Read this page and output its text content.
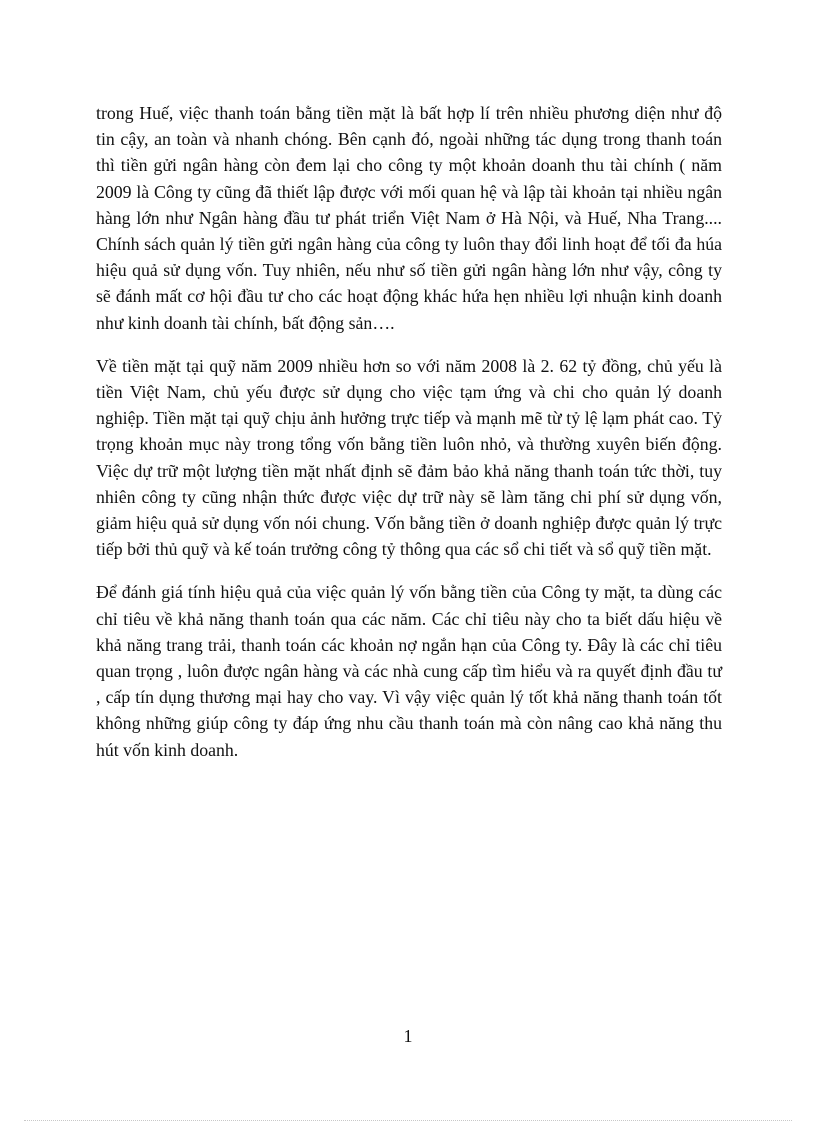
trong Huế, việc thanh toán bằng tiền mặt là bất hợp lí trên nhiều phương diện như độ tin cậy, an toàn và nhanh chóng. Bên cạnh đó, ngoài những tác dụng trong thanh toán thì tiền gửi ngân hàng còn đem lại cho công ty một khoản doanh thu tài chính ( năm 2009 là Công ty cũng đã thiết lập được với mối quan hệ và lập tài khoản tại nhiều ngân hàng lớn như Ngân hàng đầu tư phát triển Việt Nam ở Hà Nội, và Huế, Nha Trang.... Chính sách quản lý tiền gửi ngân hàng của công ty luôn thay đổi linh hoạt để tối đa húa hiệu quả sử dụng vốn. Tuy nhiên, nếu như số tiền gửi ngân hàng lớn như vậy, công ty sẽ đánh mất cơ hội đầu tư cho các hoạt động khác hứa hẹn nhiều lợi nhuận kinh doanh như kinh doanh tài chính, bất động sản….

Về tiền mặt tại quỹ năm 2009 nhiều hơn so với năm 2008 là 2. 62 tỷ đồng, chủ yếu là tiền Việt Nam, chủ yếu được sử dụng cho việc tạm ứng và chi cho quản lý doanh nghiệp. Tiền mặt tại quỹ chịu ảnh hưởng trực tiếp và mạnh mẽ từ tỷ lệ lạm phát cao. Tỷ trọng khoản mục này trong tổng vốn bằng tiền luôn nhỏ, và thường xuyên biến động. Việc dự trữ một lượng tiền mặt nhất định sẽ đảm bảo khả năng thanh toán tức thời, tuy nhiên công ty cũng nhận thức được việc dự trữ này sẽ làm tăng chi phí sử dụng vốn, giảm hiệu quả sử dụng vốn nói chung. Vốn bằng tiền ở doanh nghiệp được quản lý trực tiếp bởi thủ quỹ và kế toán trưởng công tỷ thông qua các sổ chi tiết và sổ quỹ tiền mặt.

Để đánh giá tính hiệu quả của việc quản lý vốn bằng tiền của Công ty mặt, ta dùng các chỉ tiêu về khả năng thanh toán qua các năm. Các chỉ tiêu này cho ta biết dấu hiệu về khả năng trang trải, thanh toán các khoản nợ ngắn hạn của Công ty. Đây là các chỉ tiêu quan trọng , luôn được ngân hàng và các nhà cung cấp tìm hiểu và ra quyết định đầu tư , cấp tín dụng thương mại hay cho vay. Vì vậy việc quản lý tốt khả năng thanh toán tốt không những giúp công ty đáp ứng nhu cầu thanh toán mà còn nâng cao khả năng thu hút vốn kinh doanh.

1
